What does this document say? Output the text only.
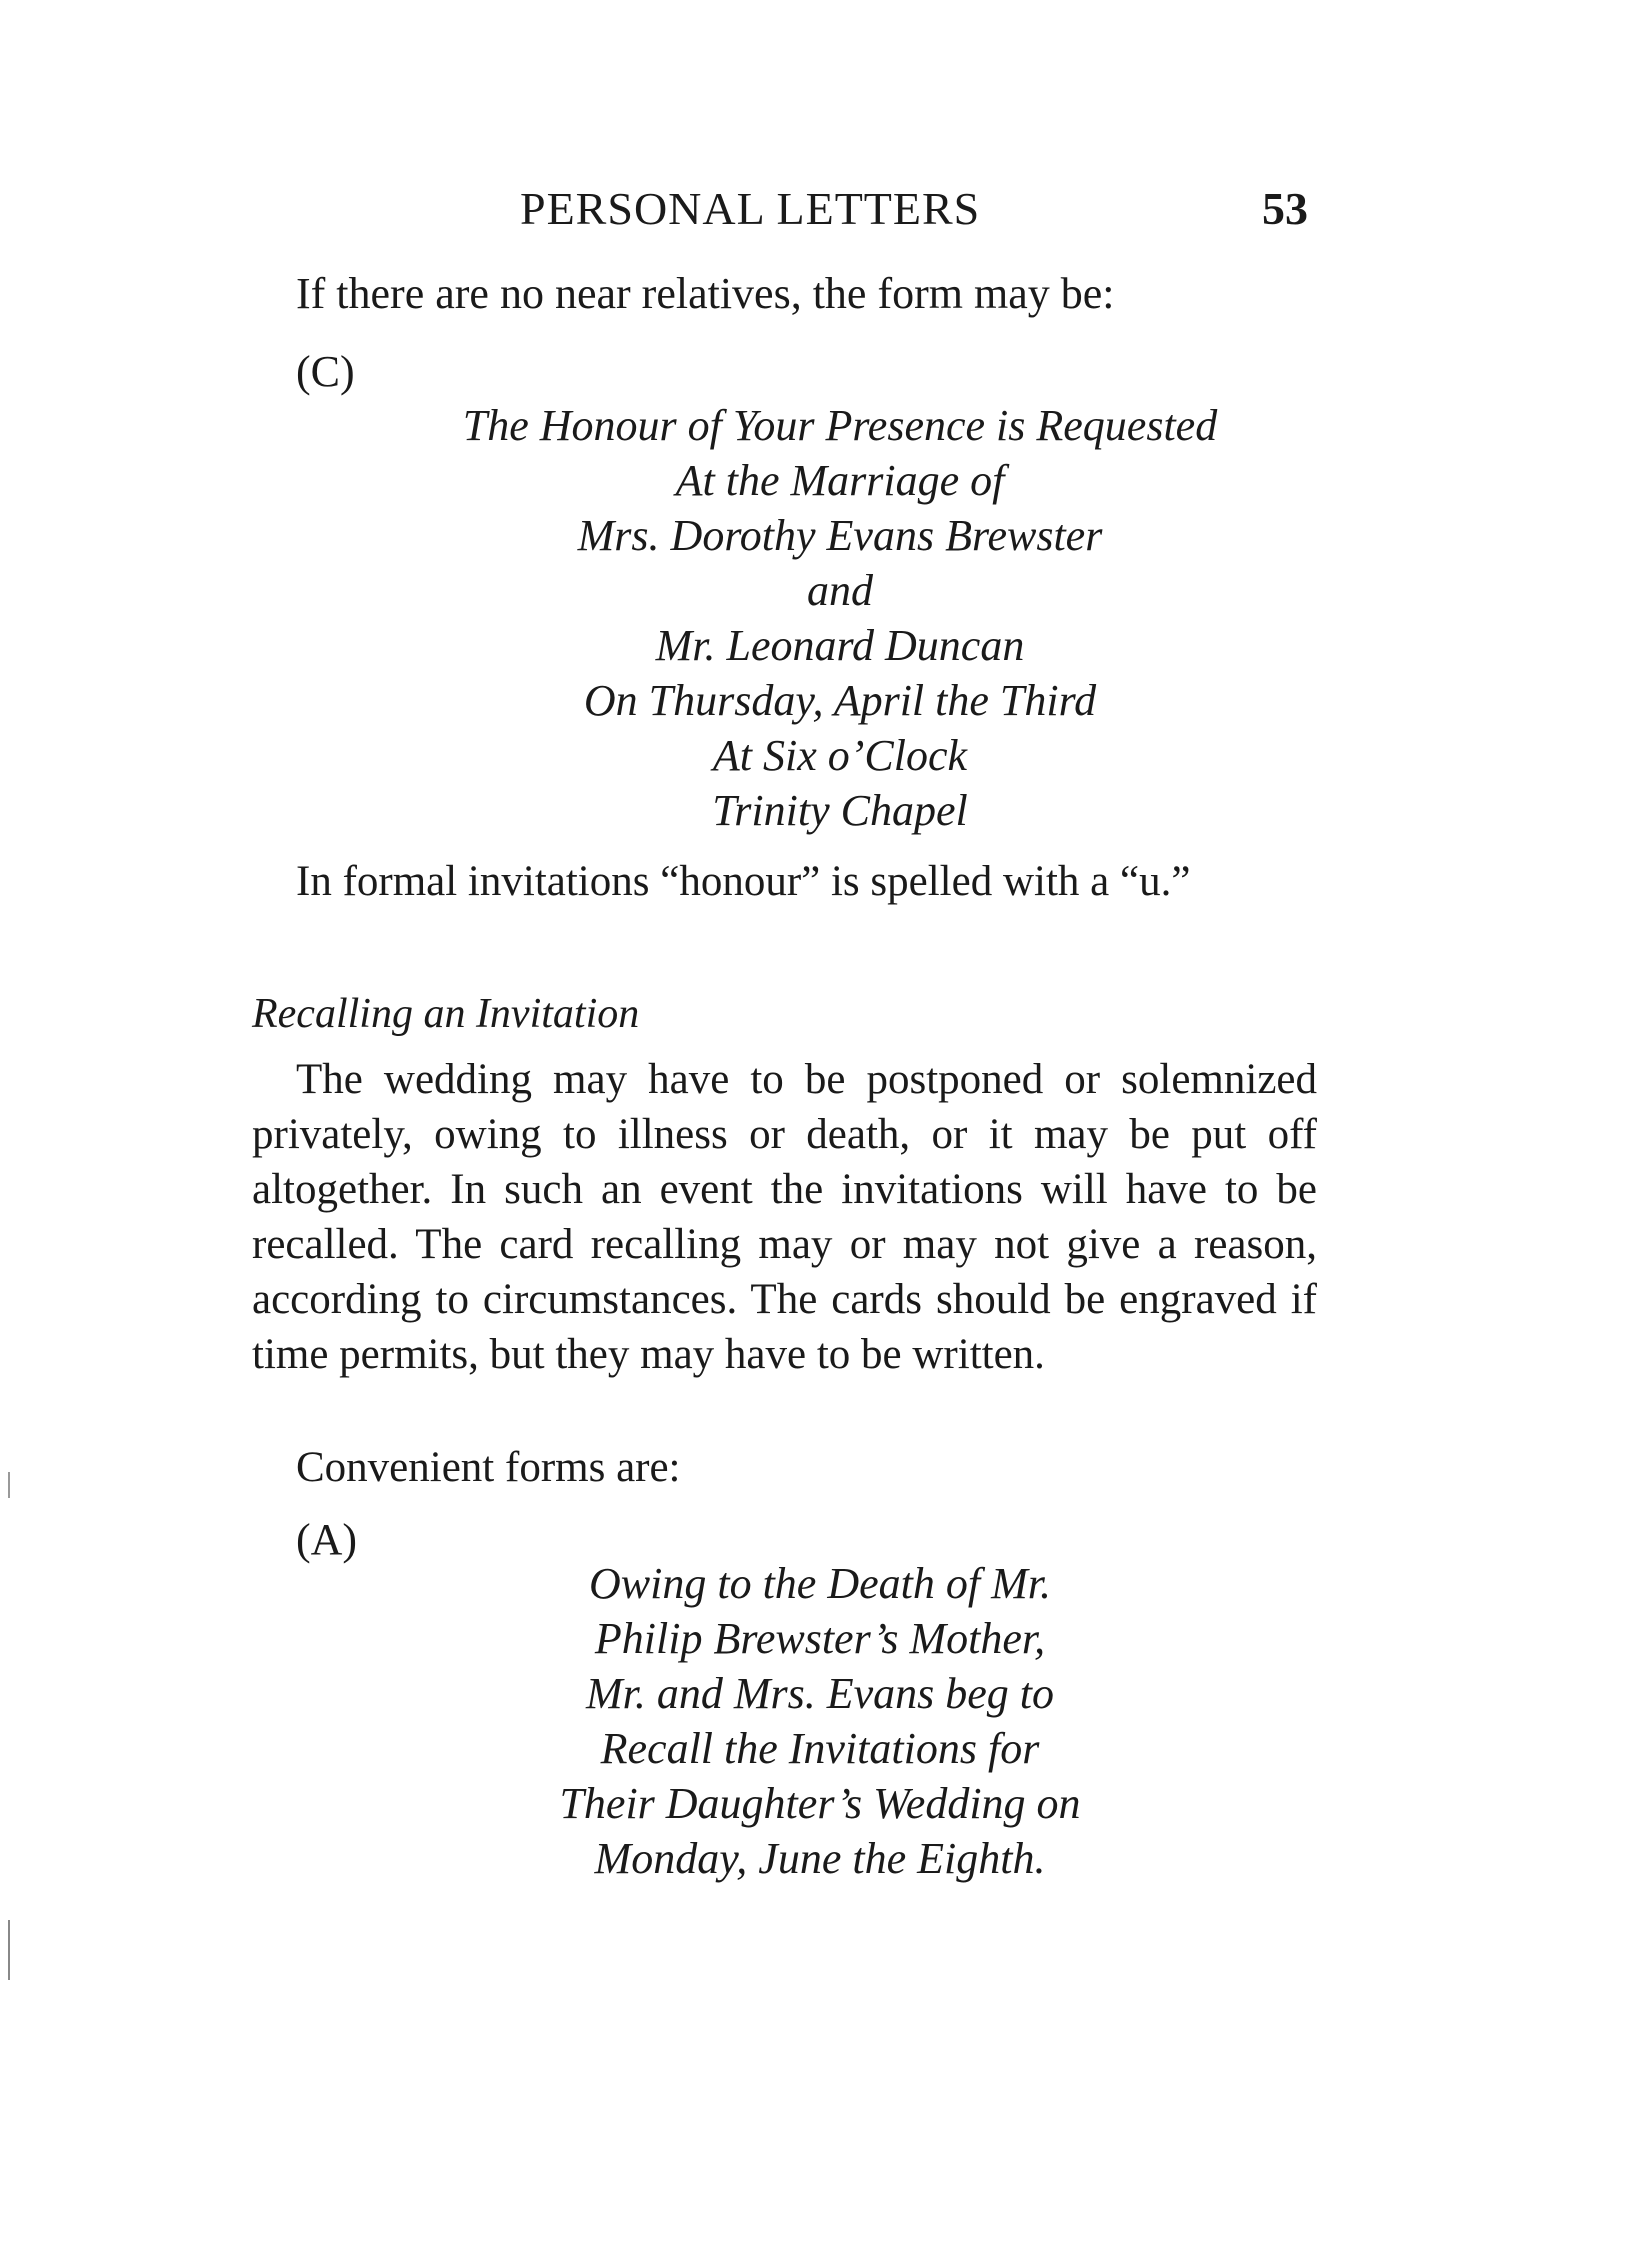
PERSONAL LETTERS	53
If there are no near relatives, the form may be:
(C)
The Honour of Your Presence is Requested
At the Marriage of
Mrs. Dorothy Evans Brewster
and
Mr. Leonard Duncan
On Thursday, April the Third
At Six o’Clock
Trinity Chapel

In formal invitations “honour” is spelled with a “u.”

Recalling an Invitation

The wedding may have to be postponed or solemnized privately, owing to illness or death, or it may be put off altogether. In such an event the invitations will have to be recalled. The card recalling may or may not give a reason, according to circumstances. The cards should be engraved if time permits, but they may have to be written.

Convenient forms are:

(A)
Owing to the Death of Mr.
Philip Brewster’s Mother,
Mr. and Mrs. Evans beg to
Recall the Invitations for
Their Daughter’s Wedding on
Monday, June the Eighth.
